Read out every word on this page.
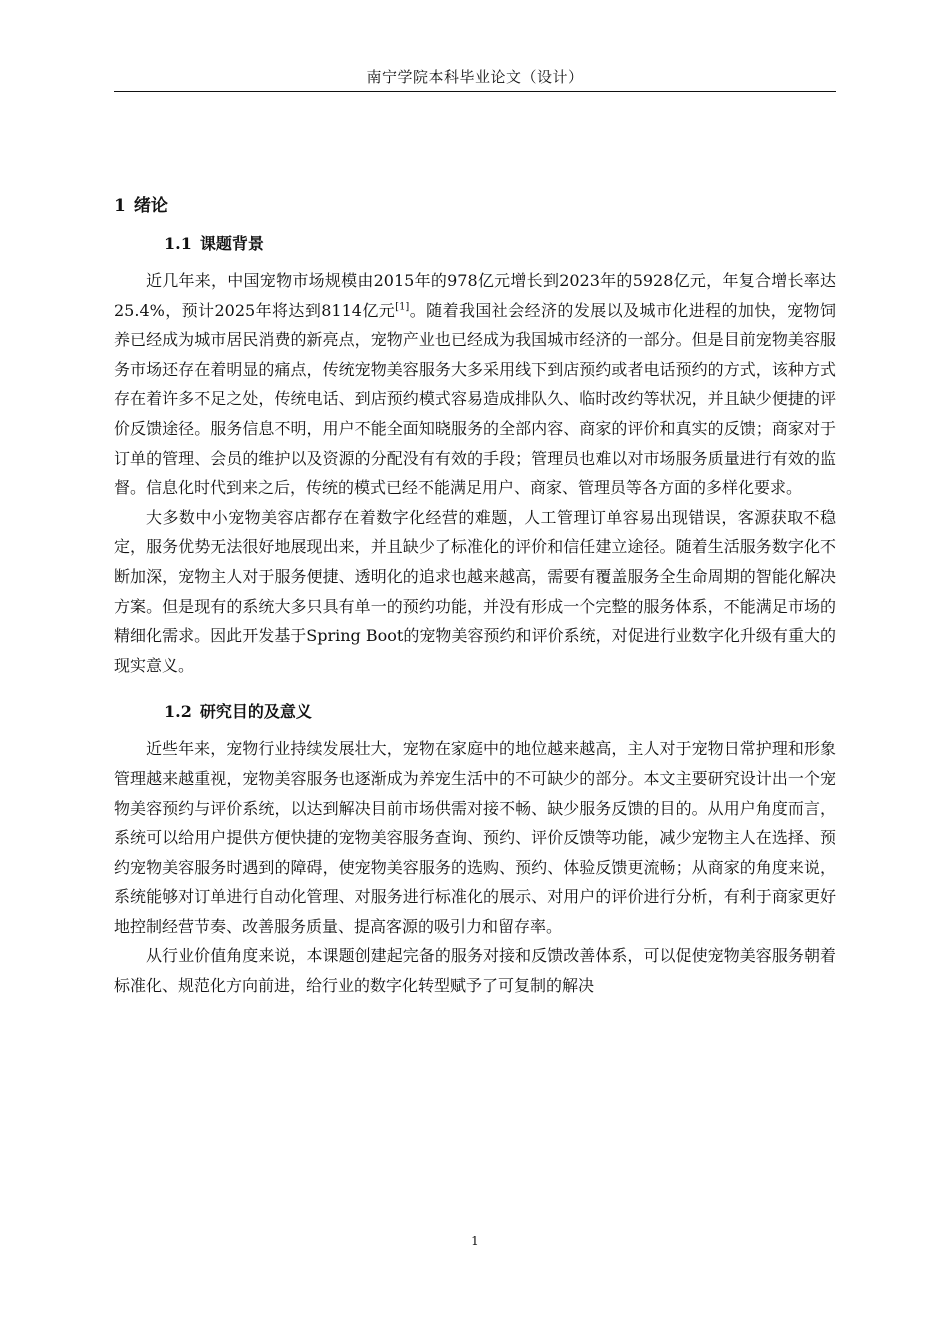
南宁学院本科毕业论文（设计）
1 绪论
1.1 课题背景

近几年来，中国宠物市场规模由2015年的978亿元增长到2023年的5928亿元，年复合增长率达25.4%，预计2025年将达到8114亿元[1]。随着我国社会经济的发展以及城市化进程的加快，宠物饲养已经成为城市居民消费的新亮点，宠物产业也已经成为我国城市经济的一部分。但是目前宠物美容服务市场还存在着明显的痛点，传统宠物美容服务大多采用线下到店预约或者电话预约的方式，该种方式存在着许多不足之处，传统电话、到店预约模式容易造成排队久、临时改约等状况，并且缺少便捷的评价反馈途径。服务信息不明，用户不能全面知晓服务的全部内容、商家的评价和真实的反馈；商家对于订单的管理、会员的维护以及资源的分配没有有效的手段；管理员也难以对市场服务质量进行有效的监督。信息化时代到来之后，传统的模式已经不能满足用户、商家、管理员等各方面的多样化要求。

大多数中小宠物美容店都存在着数字化经营的难题，人工管理订单容易出现错误，客源获取不稳定，服务优势无法很好地展现出来，并且缺少了标准化的评价和信任建立途径。随着生活服务数字化不断加深，宠物主人对于服务便捷、透明化的追求也越来越高，需要有覆盖服务全生命周期的智能化解决方案。但是现有的系统大多只具有单一的预约功能，并没有形成一个完整的服务体系，不能满足市场的精细化需求。因此开发基于Spring Boot的宠物美容预约和评价系统，对促进行业数字化升级有重大的现实意义。

1.2 研究目的及意义

近些年来，宠物行业持续发展壮大，宠物在家庭中的地位越来越高，主人对于宠物日常护理和形象管理越来越重视，宠物美容服务也逐渐成为养宠生活中的不可缺少的部分。本文主要研究设计出一个宠物美容预约与评价系统，以达到解决目前市场供需对接不畅、缺少服务反馈的目的。从用户角度而言，系统可以给用户提供方便快捷的宠物美容服务查询、预约、评价反馈等功能，减少宠物主人在选择、预约宠物美容服务时遇到的障碍，使宠物美容服务的选购、预约、体验反馈更流畅；从商家的角度来说，系统能够对订单进行自动化管理、对服务进行标准化的展示、对用户的评价进行分析，有利于商家更好地控制经营节奏、改善服务质量、提高客源的吸引力和留存率。

从行业价值角度来说，本课题创建起完备的服务对接和反馈改善体系，可以促使宠物美容服务朝着标准化、规范化方向前进，给行业的数字化转型赋予了可复制的解决

1
